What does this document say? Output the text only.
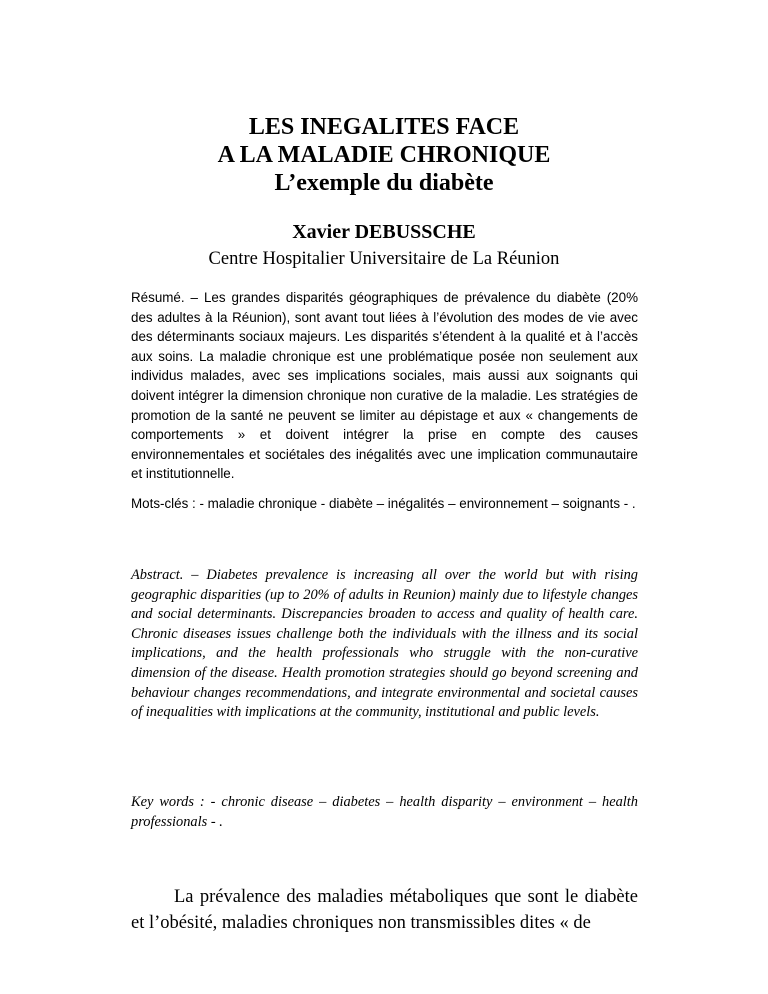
LES INEGALITES FACE
A LA MALADIE CHRONIQUE
L’exemple du diabète
Xavier DEBUSSCHE
Centre Hospitalier Universitaire de La Réunion

Résumé. – Les grandes disparités géographiques de prévalence du diabète (20% des adultes à la Réunion), sont avant tout liées à l’évolution des modes de vie avec des déterminants sociaux majeurs. Les disparités s’étendent à la qualité et à l’accès aux soins. La maladie chronique est une problématique posée non seulement aux individus malades, avec ses implications sociales, mais aussi aux soignants qui doivent intégrer la dimension chronique non curative de la maladie. Les stratégies de promotion de la santé ne peuvent se limiter au dépistage et aux « changements de comportements » et doivent intégrer la prise en compte des causes environnementales et sociétales des inégalités avec une implication communautaire et institutionnelle.

Mots-clés : - maladie chronique - diabète – inégalités – environnement – soignants - .

Abstract. – Diabetes prevalence is increasing all over the world but with rising geographic disparities (up to 20% of adults in Reunion) mainly due to lifestyle changes and social determinants. Discrepancies broaden to access and quality of health care. Chronic diseases issues challenge both the individuals with the illness and its social implications, and the health professionals who struggle with the non-curative dimension of the disease. Health promotion strategies should go beyond screening and behaviour changes recommendations, and integrate environmental and societal causes of inequalities with implications at the community, institutional and public levels.

Key words : - chronic disease – diabetes – health disparity – environment – health professionals - .

La prévalence des maladies métaboliques que sont le diabète et l’obésité, maladies chroniques non transmissibles dites « de
